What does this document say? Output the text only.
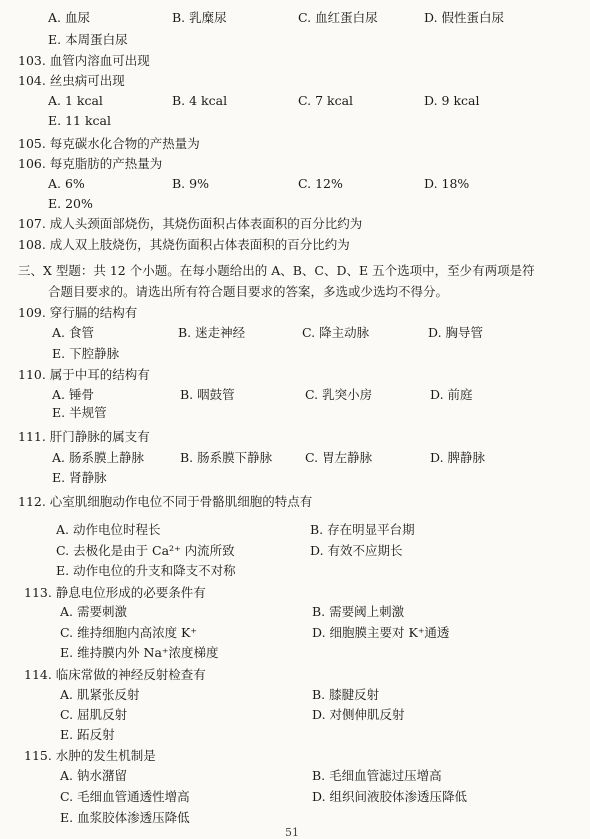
A. 血尿	B. 乳糜尿	C. 血红蛋白尿	D. 假性蛋白尿
E. 本周蛋白尿
103. 血管内溶血可出现
104. 丝虫病可出现
A. 1 kcal	B. 4 kcal	C. 7 kcal	D. 9 kcal
E. 11 kcal
105. 每克碳水化合物的产热量为
106. 每克脂肪的产热量为
A. 6%	B. 9%	C. 12%	D. 18%
E. 20%
107. 成人头颈面部烧伤，其烧伤面积占体表面积的百分比约为
108. 成人双上肢烧伤，其烧伤面积占体表面积的百分比约为
三、X 型题：共 12 个小题。在每小题给出的 A、B、C、D、E 五个选项中，至少有两项是符
合题目要求的。请选出所有符合题目要求的答案，多选或少选均不得分。
109. 穿行膈的结构有
A. 食管	B. 迷走神经	C. 降主动脉	D. 胸导管
E. 下腔静脉
110. 属于中耳的结构有
A. 锤骨	B. 咽鼓管	C. 乳突小房	D. 前庭
E. 半规管
111. 肝门静脉的属支有
A. 肠系膜上静脉	B. 肠系膜下静脉	C. 胃左静脉	D. 脾静脉
E. 肾静脉
112. 心室肌细胞动作电位不同于骨骼肌细胞的特点有
A. 动作电位时程长	B. 存在明显平台期
C. 去极化是由于 Ca²⁺ 内流所致	D. 有效不应期长
E. 动作电位的升支和降支不对称
113. 静息电位形成的必要条件有
A. 需要刺激	B. 需要阈上刺激
C. 维持细胞内高浓度 K⁺	D. 细胞膜主要对 K⁺通透
E. 维持膜内外 Na⁺浓度梯度
114. 临床常做的神经反射检查有
A. 肌紧张反射	B. 膝腱反射
C. 屈肌反射	D. 对侧伸肌反射
E. 跖反射
115. 水肿的发生机制是
A. 钠水潴留	B. 毛细血管滤过压增高
C. 毛细血管通透性增高	D. 组织间液胶体渗透压降低
E. 血浆胶体渗透压降低
51
